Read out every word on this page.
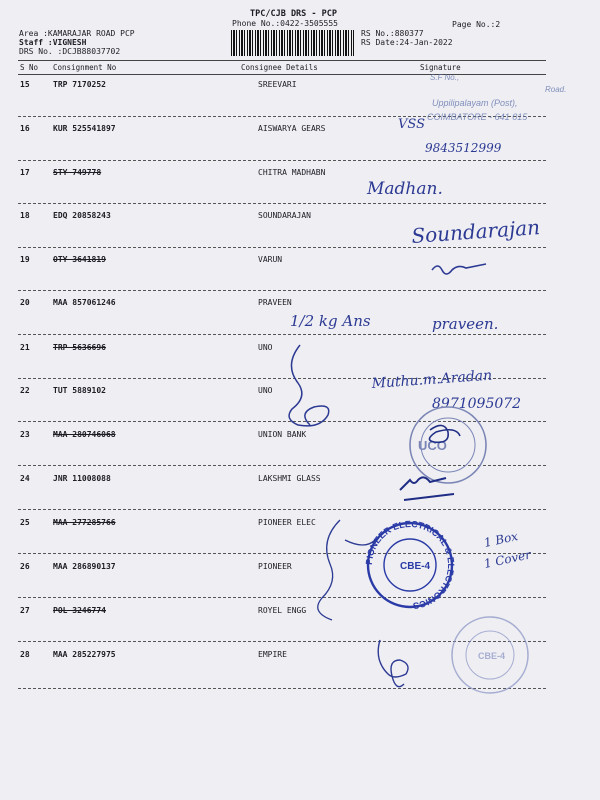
TPC/CJB DRS - PCP
Phone No.:0422-3505555
Area :KAMARAJAR ROAD PCP
Staff :VIGNESH
DRS No. :DCJB88037702
RS No.:880377
RS Date:24-Jan-2022
Page No.:2
S No Consignment No	Consignee Details	Signature
15	TRP 7170252	SREEVARI
16	KUR 525541897	AISWARYA GEARS
17	STY 749778	CHITRA MADHABN
18	EDQ 20858243	SOUNDARAJAN
19	OTY 3641819	VARUN
20	MAA 857061246	PRAVEEN
21	TRP 5636696	UNO
22	TUT 5889102	UNO
23	MAA 280746068	UNION BANK
24	JNR 11008088	LAKSHMI GLASS
25	MAA 277285766	PIONEER ELEC
26	MAA 286890137	PIONEER
27	POL 3246774	ROYEL ENGG
28	MAA 285227975	EMPIRE
S.F No.,
Road.
Uppilipalayam (Post),
COIMBATORE - 641 015
VSS
9843512999
Madhan.
Soundarajan
1/2 kg Ans	praveen.
Muthu.m.Aradan
8971095072
UCO
PIONEER ELECTRICAL & ELECTRONICS
CBE-4
1 Box
1 Cover
CBE-4
